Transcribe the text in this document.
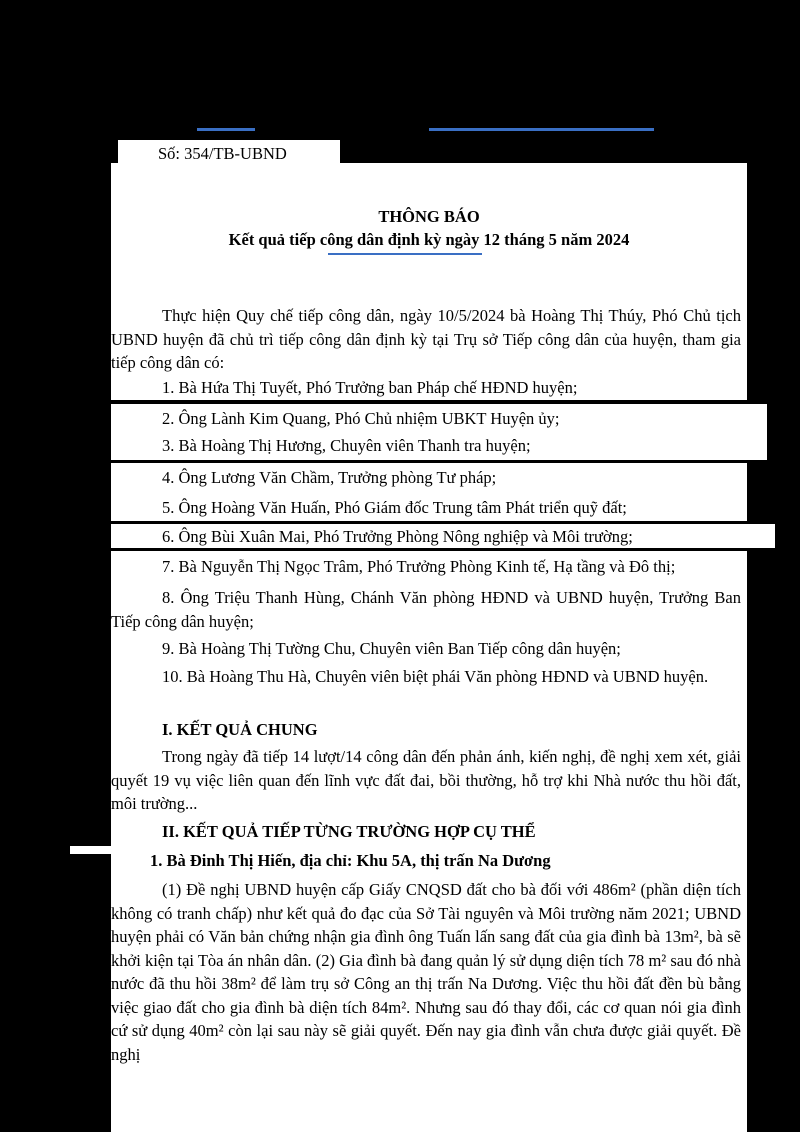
Số: 354/TB-UBND
THÔNG BÁO
Kết quả tiếp công dân định kỳ ngày 12 tháng 5 năm 2024
Thực hiện Quy chế tiếp công dân, ngày 10/5/2024 bà Hoàng Thị Thúy, Phó Chủ tịch UBND huyện đã chủ trì tiếp công dân định kỳ tại Trụ sở Tiếp công dân của huyện, tham gia tiếp công dân có:
1. Bà Hứa Thị Tuyết, Phó Trưởng ban Pháp chế HĐND huyện;
2. Ông Lành Kim Quang, Phó Chủ nhiệm UBKT Huyện ủy;
3. Bà Hoàng Thị Hương, Chuyên viên Thanh tra huyện;
4. Ông Lương Văn Chầm, Trưởng phòng Tư pháp;
5. Ông Hoàng Văn Huấn, Phó Giám đốc Trung tâm Phát triển quỹ đất;
6. Ông Bùi Xuân Mai, Phó Trưởng Phòng Nông nghiệp và Môi trường;
7. Bà Nguyễn Thị Ngọc Trâm, Phó Trưởng Phòng Kinh tế, Hạ tầng và Đô thị;
8. Ông Triệu Thanh Hùng, Chánh Văn phòng HĐND và UBND huyện, Trưởng Ban Tiếp công dân huyện;
9. Bà Hoàng Thị Tường Chu, Chuyên viên Ban Tiếp công dân huyện;
10. Bà Hoàng Thu Hà, Chuyên viên biệt phái Văn phòng HĐND và UBND huyện.
I. KẾT QUẢ CHUNG
Trong ngày đã tiếp 14 lượt/14 công dân đến phản ánh, kiến nghị, đề nghị xem xét, giải quyết 19 vụ việc liên quan đến lĩnh vực đất đai, bồi thường, hỗ trợ khi Nhà nước thu hồi đất, môi trường...
II. KẾT QUẢ TIẾP TỪNG TRƯỜNG HỢP CỤ THỂ
1. Bà Đinh Thị Hiến, địa chỉ: Khu 5A, thị trấn Na Dương
(1) Đề nghị UBND huyện cấp Giấy CNQSD đất cho bà đối với 486m² (phần diện tích không có tranh chấp) như kết quả đo đạc của Sở Tài nguyên và Môi trường năm 2021; UBND huyện phải có Văn bản chứng nhận gia đình ông Tuấn lấn sang đất của gia đình bà 13m², bà sẽ khởi kiện tại Tòa án nhân dân. (2) Gia đình bà đang quản lý sử dụng diện tích 78 m² sau đó nhà nước đã thu hồi 38m² để làm trụ sở Công an thị trấn Na Dương. Việc thu hồi đất đền bù bằng việc giao đất cho gia đình bà diện tích 84m². Nhưng sau đó thay đổi, các cơ quan nói gia đình cứ sử dụng 40m² còn lại sau này sẽ giải quyết. Đến nay gia đình vẫn chưa được giải quyết. Đề nghị
